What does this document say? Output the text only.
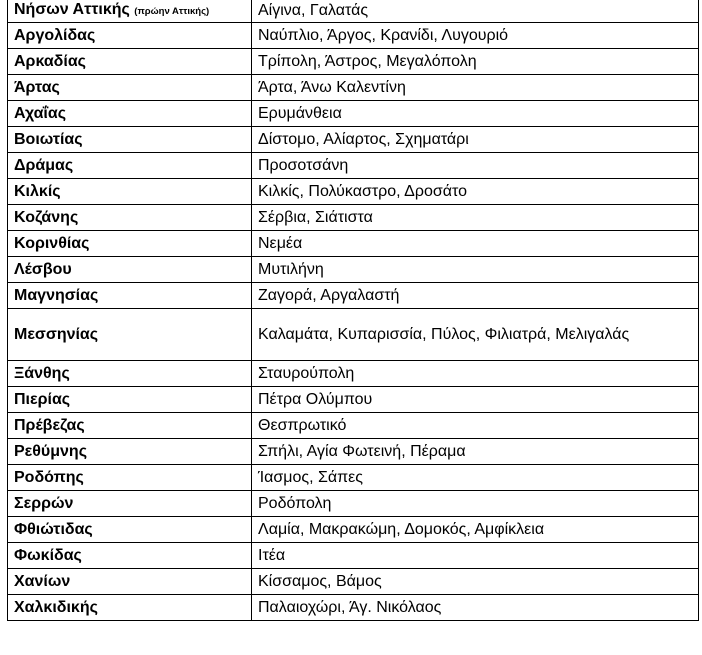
Νήσων Αττικής (πρώην Αττικής)	Αίγινα, Γαλατάς
Αργολίδας	Ναύπλιο, Άργος, Κρανίδι, Λυγουριό
Αρκαδίας	Τρίπολη, Άστρος, Μεγαλόπολη
Άρτας	Άρτα, Άνω Καλεντίνη
Αχαΐας	Ερυμάνθεια
Βοιωτίας	Δίστομο, Αλίαρτος, Σχηματάρι
Δράμας	Προσοτσάνη
Κιλκίς	Κιλκίς, Πολύκαστρο, Δροσάτο
Κοζάνης	Σέρβια, Σιάτιστα
Κορινθίας	Νεμέα
Λέσβου	Μυτιλήνη
Μαγνησίας	Ζαγορά, Αργαλαστή
Μεσσηνίας	Καλαμάτα, Κυπαρισσία, Πύλος, Φιλιατρά, Μελιγαλάς
Ξάνθης	Σταυρούπολη
Πιερίας	Πέτρα Ολύμπου
Πρέβεζας	Θεσπρωτικό
Ρεθύμνης	Σπήλι, Αγία Φωτεινή, Πέραμα
Ροδόπης	Ίασμος, Σάπες
Σερρών	Ροδόπολη
Φθιώτιδας	Λαμία, Μακρακώμη, Δομοκός, Αμφίκλεια
Φωκίδας	Ιτέα
Χανίων	Κίσσαμος, Βάμος
Χαλκιδικής	Παλαιοχώρι, Άγ. Νικόλαος
